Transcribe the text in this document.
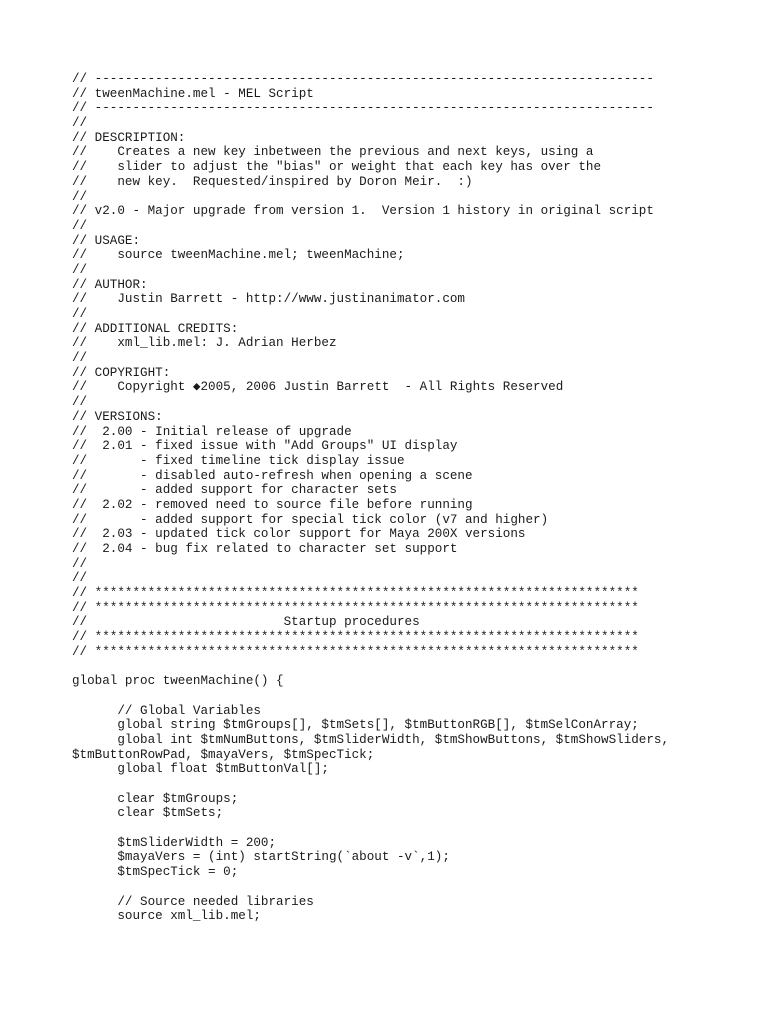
// --------------------------------------------------------------------------
// tweenMachine.mel - MEL Script
// --------------------------------------------------------------------------
//
// DESCRIPTION:
//    Creates a new key inbetween the previous and next keys, using a
//    slider to adjust the "bias" or weight that each key has over the
//    new key.  Requested/inspired by Doron Meir.  :)
//
// v2.0 - Major upgrade from version 1.  Version 1 history in original script
//
// USAGE:
//    source tweenMachine.mel; tweenMachine;
//
// AUTHOR:
//    Justin Barrett - http://www.justinanimator.com
//
// ADDITIONAL CREDITS:
//    xml_lib.mel: J. Adrian Herbez
//
// COPYRIGHT:
//    Copyright ◆2005, 2006 Justin Barrett  - All Rights Reserved
//
// VERSIONS:
//  2.00 - Initial release of upgrade
//  2.01 - fixed issue with "Add Groups" UI display
//       - fixed timeline tick display issue
//       - disabled auto-refresh when opening a scene
//       - added support for character sets
//  2.02 - removed need to source file before running
//       - added support for special tick color (v7 and higher)
//  2.03 - updated tick color support for Maya 200X versions
//  2.04 - bug fix related to character set support
//
//
// ************************************************************************
// ************************************************************************
//                          Startup procedures
// ************************************************************************
// ************************************************************************
global proc tweenMachine() {
// Global Variables
global string $tmGroups[], $tmSets[], $tmButtonRGB[], $tmSelConArray;
global int $tmNumButtons, $tmSliderWidth, $tmShowButtons, $tmShowSliders,
$tmButtonRowPad, $mayaVers, $tmSpecTick;
global float $tmButtonVal[];
clear $tmGroups;
clear $tmSets;
$tmSliderWidth = 200;
$mayaVers = (int) startString(`about -v`,1);
$tmSpecTick = 0;
// Source needed libraries
source xml_lib.mel;
